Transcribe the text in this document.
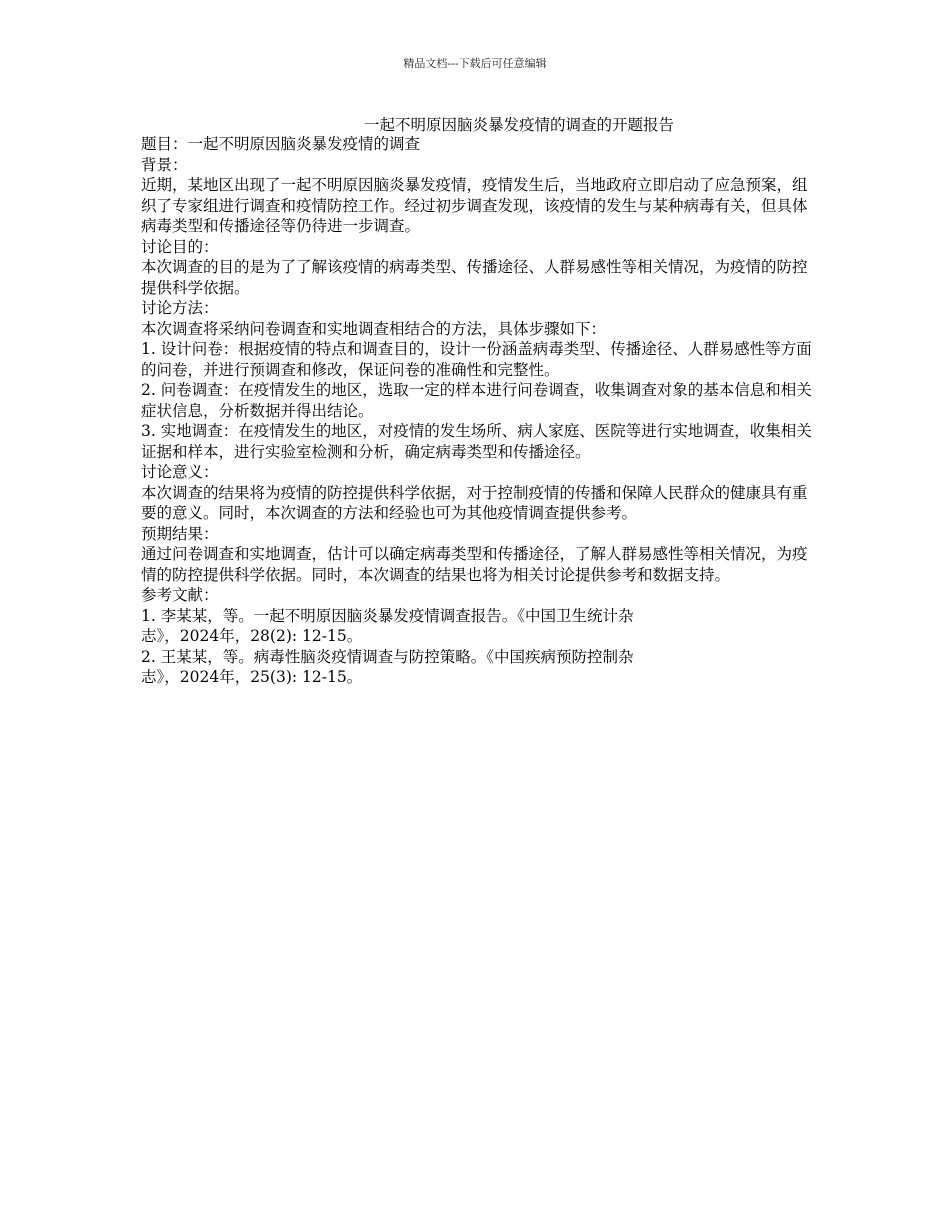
精品文档---下载后可任意编辑
一起不明原因脑炎暴发疫情的调查的开题报告

题目：一起不明原因脑炎暴发疫情的调查

背景：

近期，某地区出现了一起不明原因脑炎暴发疫情，疫情发生后，当地政府立即启动了应急预案，组织了专家组进行调查和疫情防控工作。经过初步调查发现，该疫情的发生与某种病毒有关，但具体病毒类型和传播途径等仍待进一步调查。

讨论目的：

本次调查的目的是为了了解该疫情的病毒类型、传播途径、人群易感性等相关情况，为疫情的防控提供科学依据。

讨论方法：

本次调查将采纳问卷调查和实地调查相结合的方法，具体步骤如下：

1. 设计问卷：根据疫情的特点和调查目的，设计一份涵盖病毒类型、传播途径、人群易感性等方面的问卷，并进行预调查和修改，保证问卷的准确性和完整性。

2. 问卷调查：在疫情发生的地区，选取一定的样本进行问卷调查，收集调查对象的基本信息和相关症状信息，分析数据并得出结论。

3. 实地调查：在疫情发生的地区，对疫情的发生场所、病人家庭、医院等进行实地调查，收集相关证据和样本，进行实验室检测和分析，确定病毒类型和传播途径。

讨论意义：

本次调查的结果将为疫情的防控提供科学依据，对于控制疫情的传播和保障人民群众的健康具有重要的意义。同时，本次调查的方法和经验也可为其他疫情调查提供参考。

预期结果：

通过问卷调查和实地调查，估计可以确定病毒类型和传播途径，了解人群易感性等相关情况，为疫情的防控提供科学依据。同时，本次调查的结果也将为相关讨论提供参考和数据支持。

参考文献：

1. 李某某，等。一起不明原因脑炎暴发疫情调查报告。《中国卫生统计杂

志》，2024年，28(2): 12-15。

2. 王某某，等。病毒性脑炎疫情调查与防控策略。《中国疾病预防控制杂

志》，2024年，25(3): 12-15。
